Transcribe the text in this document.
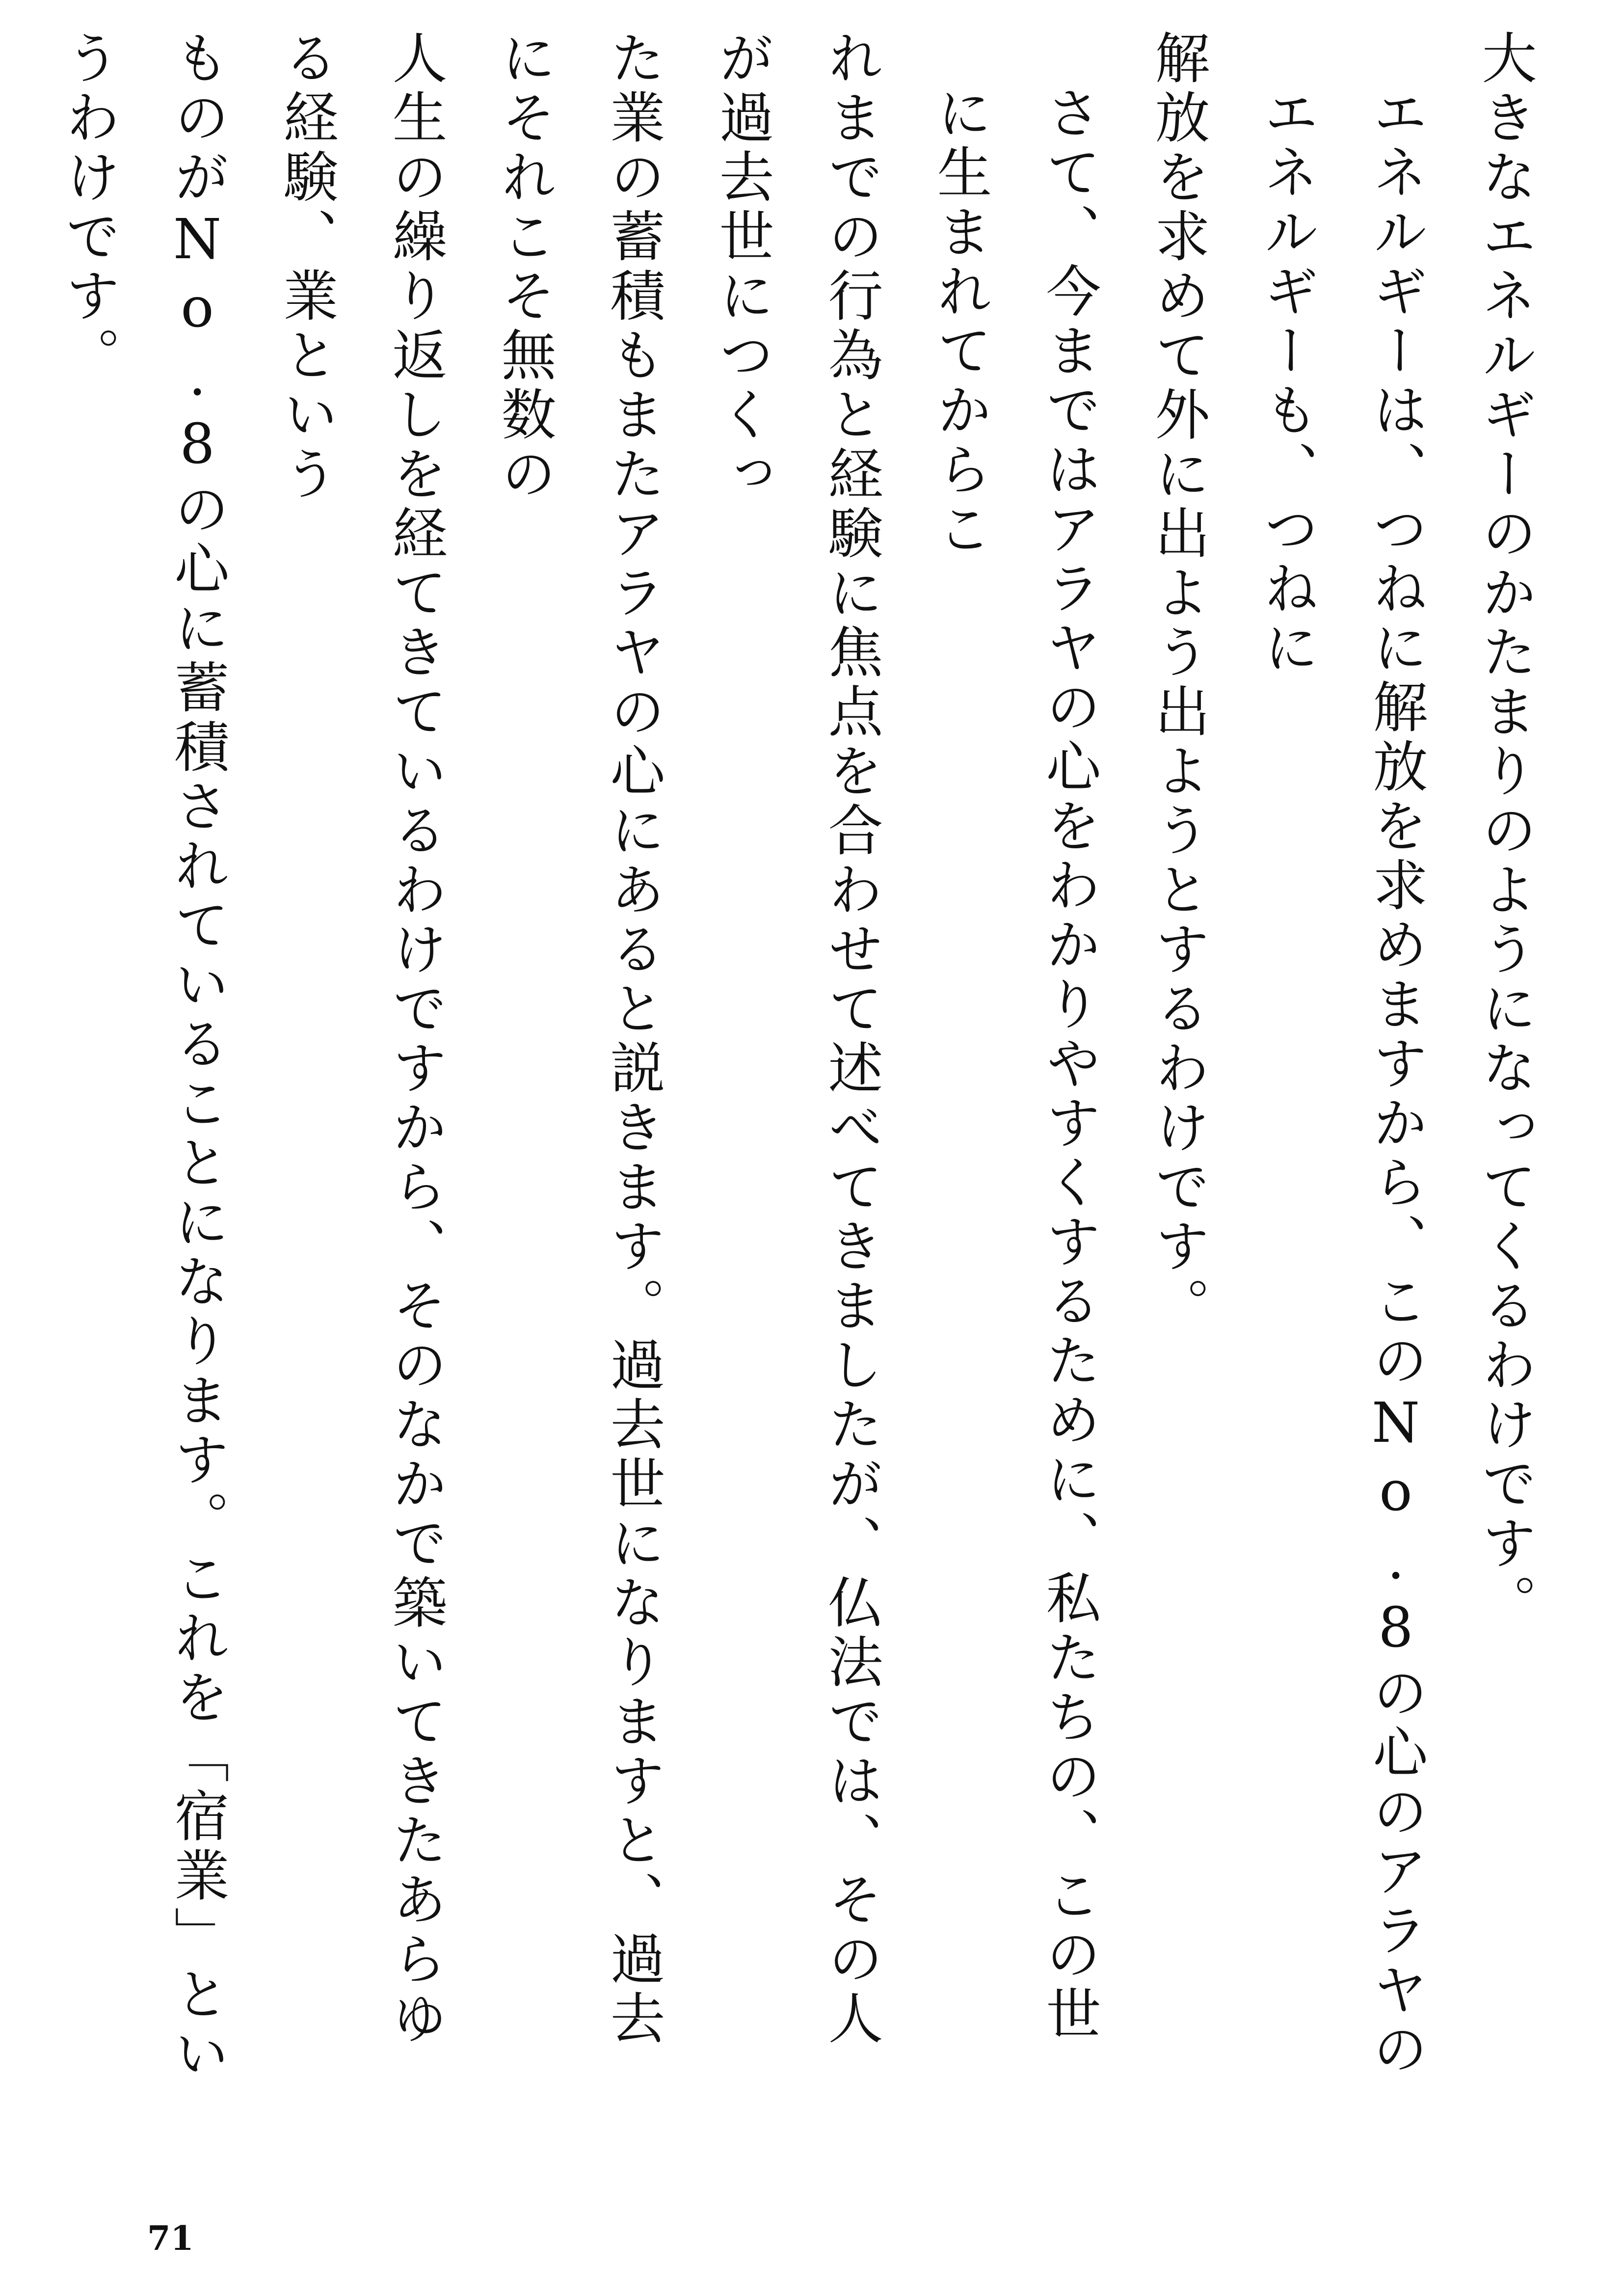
大きなエネルギーのかたまりのようになってくるわけです。
エネルギーは、つねに解放を求めますから、このNo.8の心のアラヤのエネルギーも、つねに
解放を求めて外に出よう出ようとするわけです。
さて、今まではアラヤの心をわかりやすくするために、私たちの、この世に生まれてからこ
れまでの行為と経験に焦点を合わせて述べてきましたが、仏法では、その人が過去世につくっ
た業の蓄積もまたアラヤの心にあると説きます。過去世になりますと、過去にそれこそ無数の
人生の繰り返しを経てきているわけですから、そのなかで築いてきたあらゆる経験、業という
ものがNo.8の心に蓄積されていることになります。これを「宿業」というわけです。
71
